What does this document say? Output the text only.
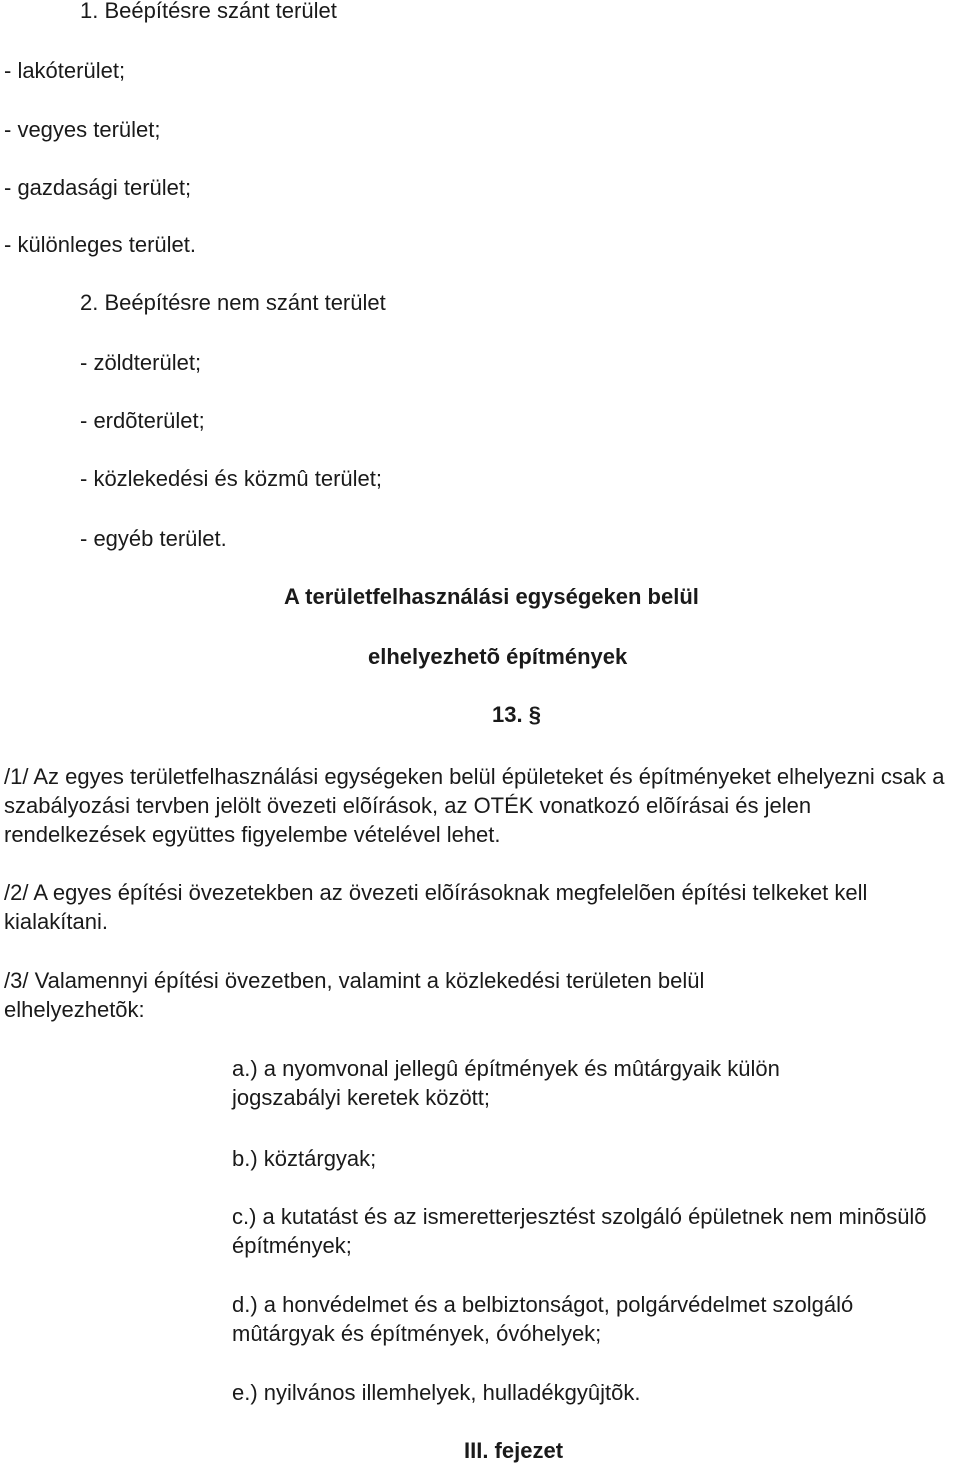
1. Beépítésre szánt terület
- lakóterület;
- vegyes terület;
- gazdasági terület;
- különleges terület.
2. Beépítésre nem szánt terület
- zöldterület;
- erdõterület;
- közlekedési és közmû terület;
- egyéb terület.
A területfelhasználási egységeken belül
elhelyezhetõ építmények
13. §
/1/ Az egyes területfelhasználási egységeken belül épületeket és építményeket elhelyezni csak a szabályozási tervben jelölt övezeti elõírások, az OTÉK vonatkozó elõírásai és jelen rendelkezések együttes figyelembe vételével lehet.
/2/ A egyes építési övezetekben az övezeti elõírásoknak megfelelõen építési telkeket kell kialakítani.
/3/ Valamennyi építési övezetben, valamint a közlekedési területen belül elhelyezhetõk:
a.) a nyomvonal jellegû építmények és mûtárgyaik külön jogszabályi keretek között;
b.) köztárgyak;
c.) a kutatást és az ismeretterjesztést szolgáló épületnek nem minõsülõ építmények;
d.) a honvédelmet és a belbiztonságot, polgárvédelmet szolgáló mûtárgyak és építmények, óvóhelyek;
e.) nyilvános illemhelyek, hulladékgyûjtõk.
III. fejezet
